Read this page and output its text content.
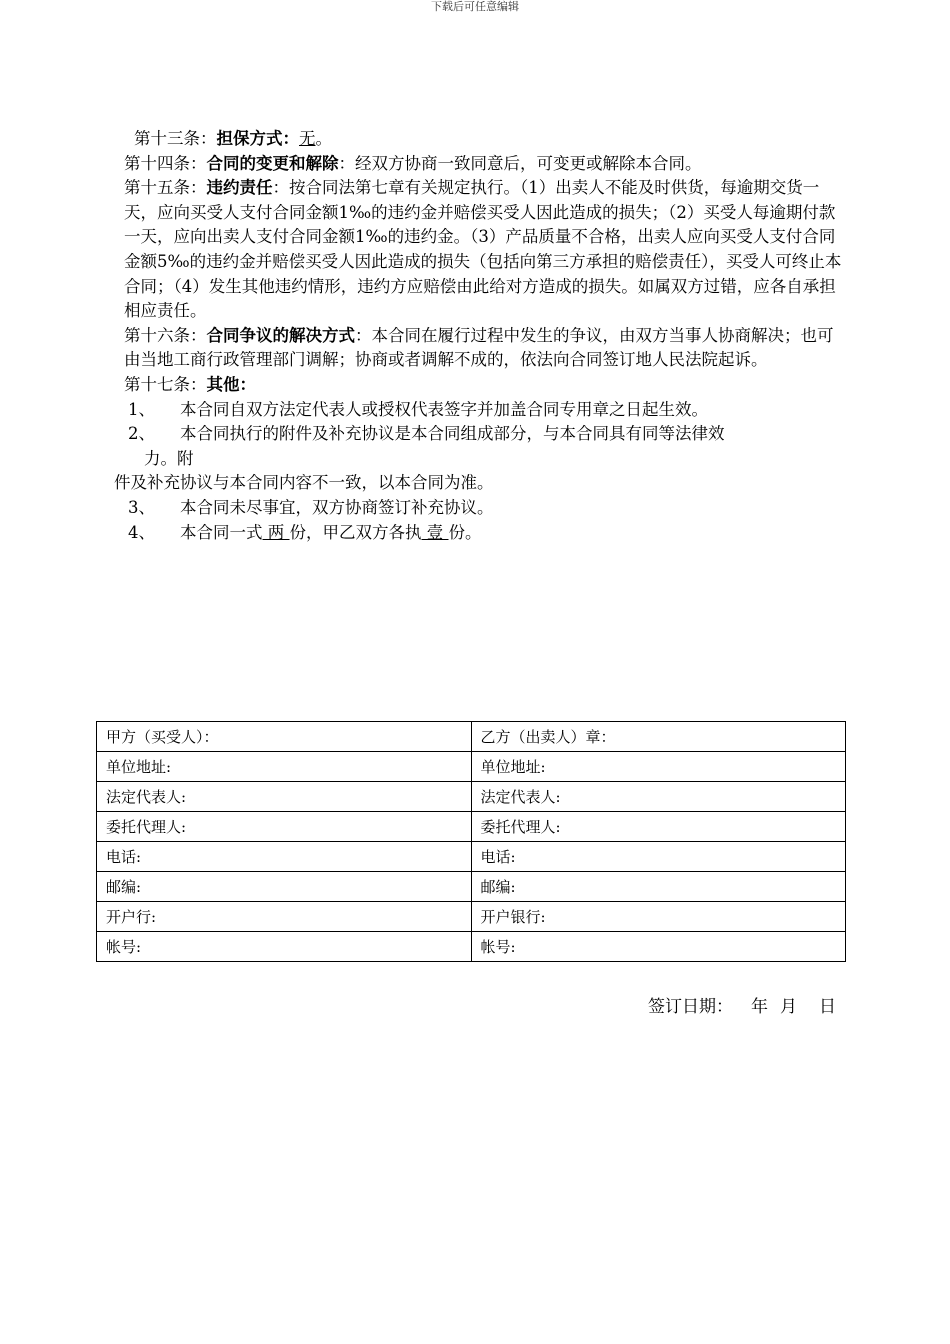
下载后可任意编辑

第十三条：担保方式：无。

第十四条：合同的变更和解除：经双方协商一致同意后，可变更或解除本合同。

第十五条：违约责任：按合同法第七章有关规定执行。（1）出卖人不能及时供货，每逾期交货一天，应向买受人支付合同金额1‰的违约金并赔偿买受人因此造成的损失；（2）买受人每逾期付款一天，应向出卖人支付合同金额1‰的违约金。（3）产品质量不合格，出卖人应向买受人支付合同金额5‰的违约金并赔偿买受人因此造成的损失（包括向第三方承担的赔偿责任），买受人可终止本合同；（4）发生其他违约情形，违约方应赔偿由此给对方造成的损失。如属双方过错，应各自承担相应责任。

第十六条：合同争议的解决方式：本合同在履行过程中发生的争议，由双方当事人协商解决；也可由当地工商行政管理部门调解；协商或者调解不成的，依法向合同签订地人民法院起诉。

第十七条：其他：

1、 本合同自双方法定代表人或授权代表签字并加盖合同专用章之日起生效。

2、 本合同执行的附件及补充协议是本合同组成部分，与本合同具有同等法律效
力。附

件及补充协议与本合同内容不一致，以本合同为准。

3、 本合同未尽事宜，双方协商签订补充协议。

4、 本合同一式 两 份，甲乙双方各执 壹 份。

甲方（买受人）：	乙方（出卖人）章：
单位地址:	单位地址:
法定代表人:	法定代表人:
委托代理人:	委托代理人:
电话:	电话:
邮编:	邮编:
开户行:	开户银行:
帐号:	帐号:
签订日期： 年 月 日
